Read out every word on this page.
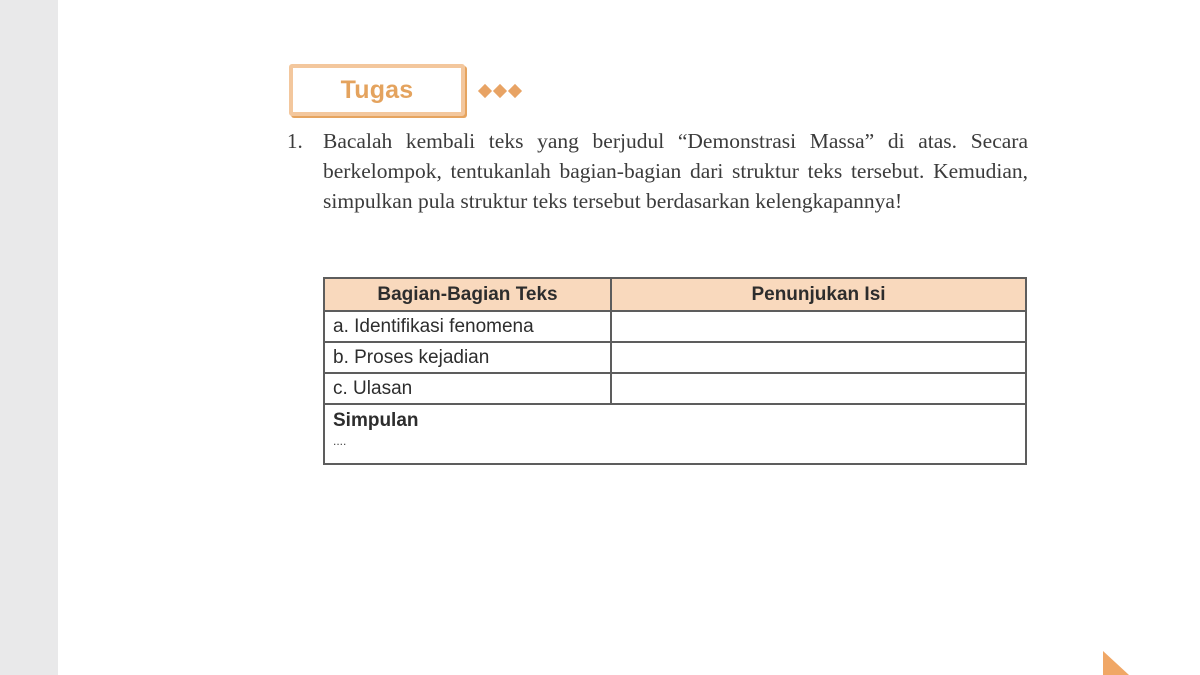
Tugas
1. Bacalah kembali teks yang berjudul “Demonstrasi Massa” di atas. Secara berkelompok, tentukanlah bagian-bagian dari struktur teks tersebut. Kemudian, simpulkan pula struktur teks tersebut berdasarkan kelengkapannya!

Bagian-Bagian Teks	Penunjukan Isi
a. Identifikasi fenomena	
b. Proses kejadian	
c. Ulasan	

Simpulan
....	
